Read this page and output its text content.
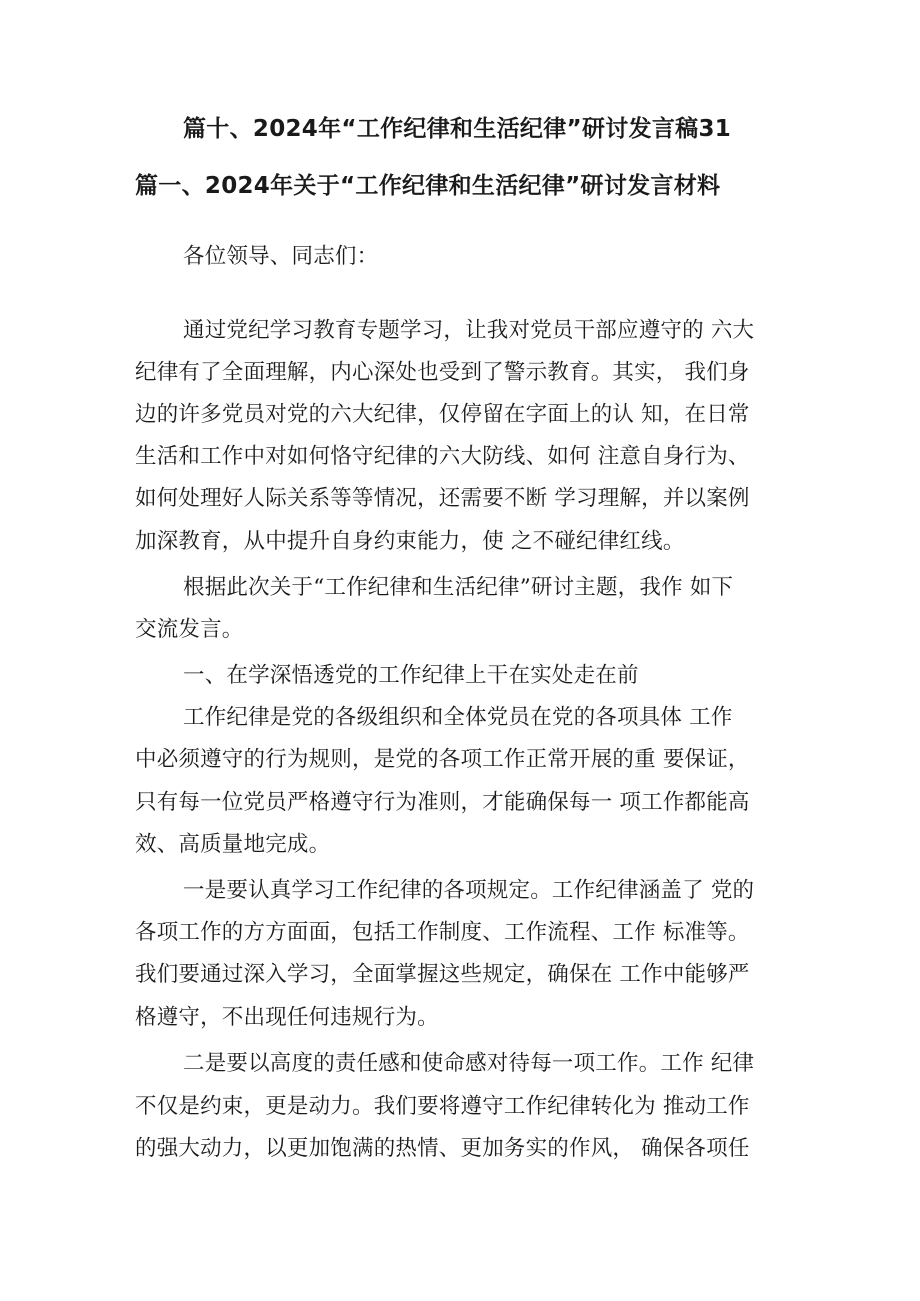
篇十、2024年“工作纪律和生活纪律”研讨发言稿31
篇一、2024年关于“工作纪律和生活纪律”研讨发言材料
各位领导、同志们：
通过党纪学习教育专题学习，让我对党员干部应遵守的 六大
纪律有了全面理解，内心深处也受到了警示教育。其实， 我们身
边的许多党员对党的六大纪律，仅停留在字面上的认 知，在日常
生活和工作中对如何恪守纪律的六大防线、如何 注意自身行为、
如何处理好人际关系等等情况，还需要不断 学习理解，并以案例
加深教育，从中提升自身约束能力，使 之不碰纪律红线。
根据此次关于“工作纪律和生活纪律”研讨主题，我作 如下
交流发言。
一、在学深悟透党的工作纪律上干在实处走在前
工作纪律是党的各级组织和全体党员在党的各项具体 工作
中必须遵守的行为规则，是党的各项工作正常开展的重 要保证，
只有每一位党员严格遵守行为准则，才能确保每一 项工作都能高
效、高质量地完成。
一是要认真学习工作纪律的各项规定。工作纪律涵盖了 党的
各项工作的方方面面，包括工作制度、工作流程、工作 标准等。
我们要通过深入学习，全面掌握这些规定，确保在 工作中能够严
格遵守，不出现任何违规行为。
二是要以高度的责任感和使命感对待每一项工作。工作 纪律
不仅是约束，更是动力。我们要将遵守工作纪律转化为 推动工作
的强大动力，以更加饱满的热情、更加务实的作风， 确保各项任
